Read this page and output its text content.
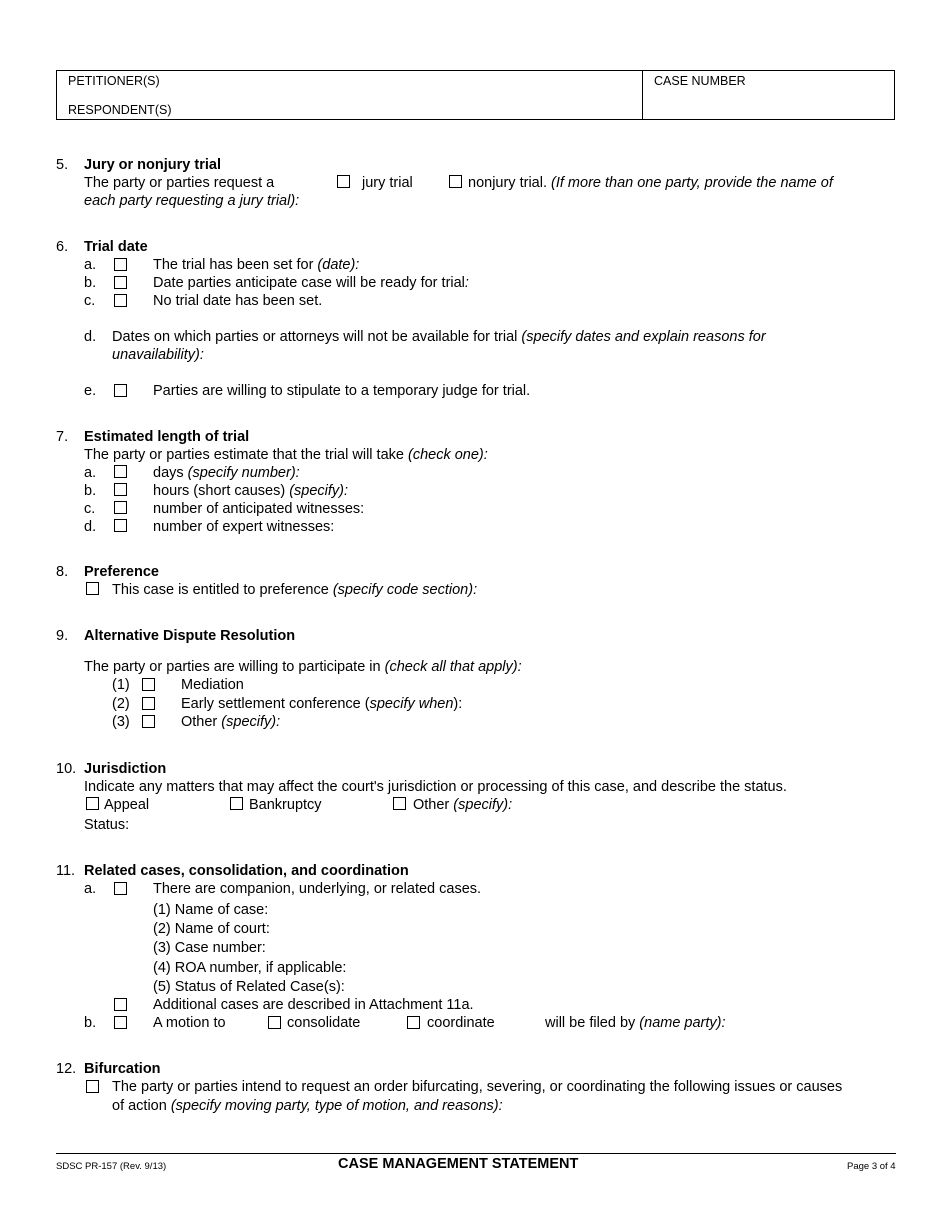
PETITIONER(S)
RESPONDENT(S)
CASE NUMBER
5. Jury or nonjury trial
The party or parties request a	jury trial	nonjury trial. (If more than one party, provide the name of
each party requesting a jury trial):
6. Trial date
a.	The trial has been set for (date):
b.	Date parties anticipate case will be ready for trial:
c.	No trial date has been set.
d. Dates on which parties or attorneys will not be available for trial (specify dates and explain reasons for
unavailability):
e.	Parties are willing to stipulate to a temporary judge for trial.
7. Estimated length of trial
The party or parties estimate that the trial will take (check one):
a.	days (specify number):
b.	hours (short causes) (specify):
c.	number of anticipated witnesses:
d.	number of expert witnesses:
8. Preference
This case is entitled to preference (specify code section):
9. Alternative Dispute Resolution
The party or parties are willing to participate in (check all that apply):
(1)	Mediation
(2)	Early settlement conference (specify when):
(3)	Other (specify):
10. Jurisdiction
Indicate any matters that may affect the court's jurisdiction or processing of this case, and describe the status.
Appeal	Bankruptcy	Other (specify):
Status:
11. Related cases, consolidation, and coordination
a.	There are companion, underlying, or related cases.
(1) Name of case:
(2) Name of court:
(3) Case number:
(4) ROA number, if applicable:
(5) Status of Related Case(s):
Additional cases are described in Attachment 11a.
b.	A motion to	consolidate	coordinate	will be filed by (name party):
12. Bifurcation
The party or parties intend to request an order bifurcating, severing, or coordinating the following issues or causes
of action (specify moving party, type of motion, and reasons):
SDSC PR-157 (Rev. 9/13)	CASE MANAGEMENT STATEMENT	Page 3 of 4
